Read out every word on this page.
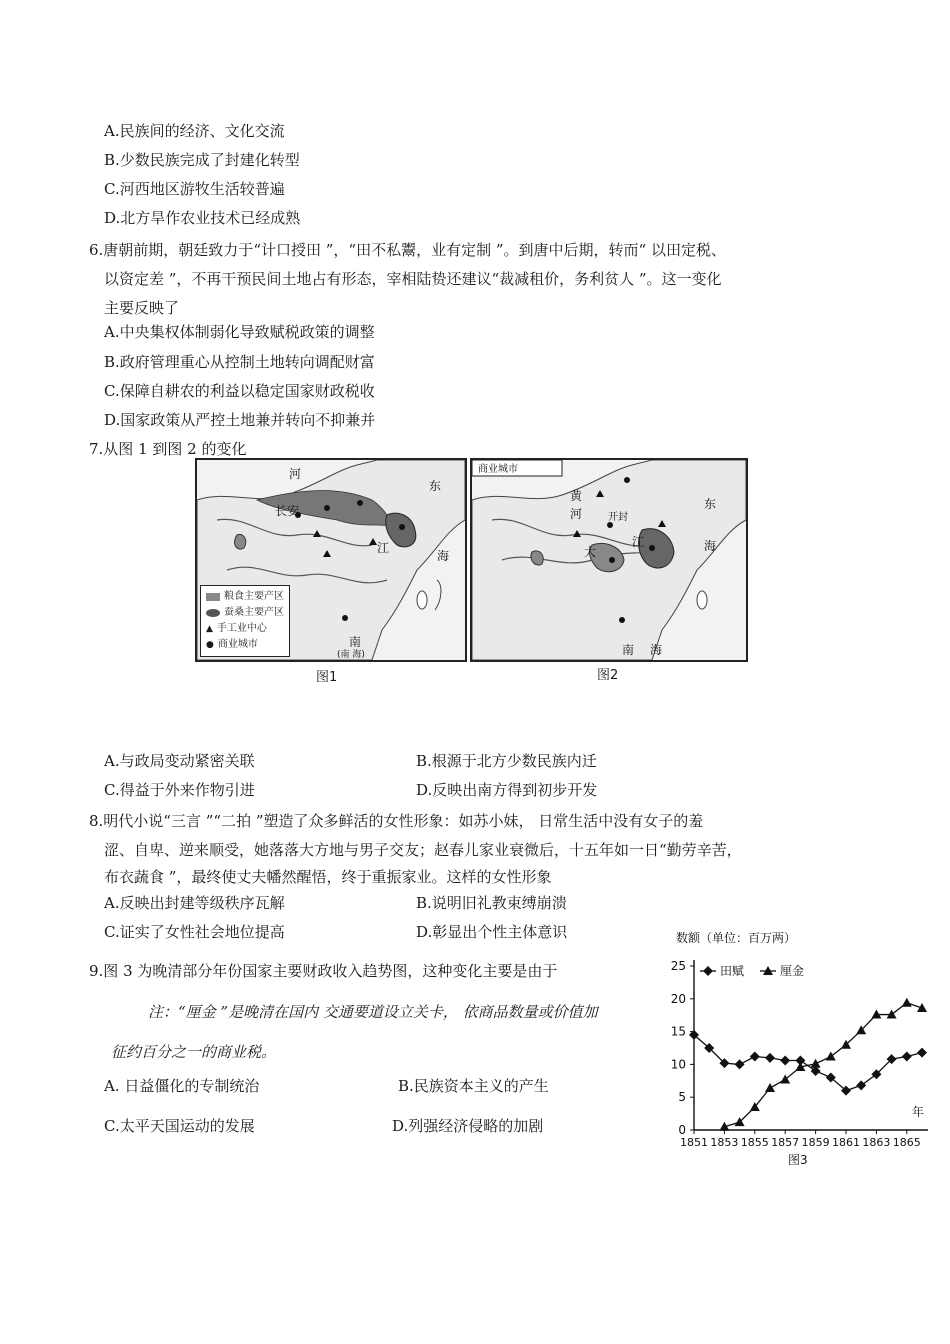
A.民族间的经济、文化交流
B.少数民族完成了封建化转型
C.河西地区游牧生活较普遍
D.北方旱作农业技术已经成熟
6.唐朝前期，朝廷致力于“计口授田 ”，“田不私鬻，业有定制 ”。到唐中后期，转而“ 以田定税、
以资定差 ”，不再干预民间土地占有形态，宰相陆贽还建议“裁减租价，务利贫人 ”。这一变化
主要反映了
A.中央集权体制弱化导致赋税政策的调整
B.政府管理重心从控制土地转向调配财富
C.保障自耕农的利益以稳定国家财政税收
D.国家政策从严控土地兼并转向不抑兼并
7.从图 1 到图 2 的变化
河
东
长安
海
江
南
(南 海)
粮食主要产区
蚕桑主要产区
▲ 手工业中心
● 商业城市
图1
商业城市
黄
河	开封
东
海
大
江
南 海
图2
A.与政局变动紧密关联	B.根源于北方少数民族内迁
C.得益于外来作物引进	D.反映出南方得到初步开发
8.明代小说“三言 ”“二拍 ”塑造了众多鲜活的女性形象：如苏小妹， 日常生活中没有女子的羞
涩、自卑、逆来顺受，她落落大方地与男子交友；赵春儿家业衰微后，十五年如一日“勤劳辛苦，
布衣蔬食 ”，最终使丈夫幡然醒悟，终于重振家业。这样的女性形象
A.反映出封建等级秩序瓦解	B.说明旧礼教束缚崩溃
C.证实了女性社会地位提高	D.彰显出个性主体意识
9.图 3 为晚清部分年份国家主要财政收入趋势图，这种变化主要是由于
注：“厘金 ”是晚清在国内 交通要道设立关卡， 依商品数量或价值加
征约百分之一的商业税。
A. 日益僵化的专制统治	B.民族资本主义的产生
C.太平天国运动的发展	D.列强经济侵略的加剧
数额（单位：百万两）
年
图3
0
5
10
15
20
25
1851 1853 1855 1857 1859 1861 1863 1865
田赋	厘金
